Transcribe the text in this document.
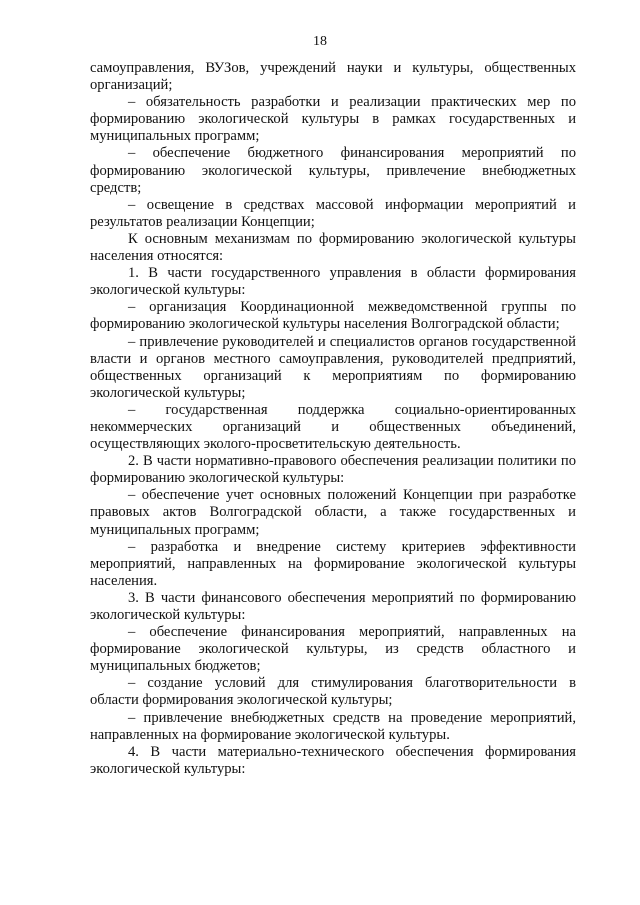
18

самоуправления, ВУЗов, учреждений науки и культуры, общественных организаций;

– обязательность разработки и реализации практических мер по формированию экологической культуры в рамках государственных и муниципальных программ;

– обеспечение бюджетного финансирования мероприятий по формированию экологической культуры, привлечение внебюджетных средств;

– освещение в средствах массовой информации мероприятий и результатов реализации Концепции;

К основным механизмам по формированию экологической культуры населения относятся:

1. В части государственного управления в области формирования экологической культуры:

– организация Координационной межведомственной группы по формированию экологической культуры населения Волгоградской области;

– привлечение руководителей и специалистов органов государственной власти и органов местного самоуправления, руководителей предприятий, общественных организаций к мероприятиям по формированию экологической культуры;

– государственная поддержка социально-ориентированных некоммерческих организаций и общественных объединений, осуществляющих эколого-просветительскую деятельность.

2. В части нормативно-правового обеспечения реализации политики по формированию экологической культуры:

– обеспечение учет основных положений Концепции при разработке правовых актов Волгоградской области, а также государственных и муниципальных программ;

– разработка и внедрение систему критериев эффективности мероприятий, направленных на формирование экологической культуры населения.

3. В части финансового обеспечения мероприятий по формированию экологической культуры:

– обеспечение финансирования мероприятий, направленных на формирование экологической культуры, из средств областного и муниципальных бюджетов;

– создание условий для стимулирования благотворительности в области формирования экологической культуры;

– привлечение внебюджетных средств на проведение мероприятий, направленных на формирование экологической культуры.

4. В части материально-технического обеспечения формирования экологической культуры:
